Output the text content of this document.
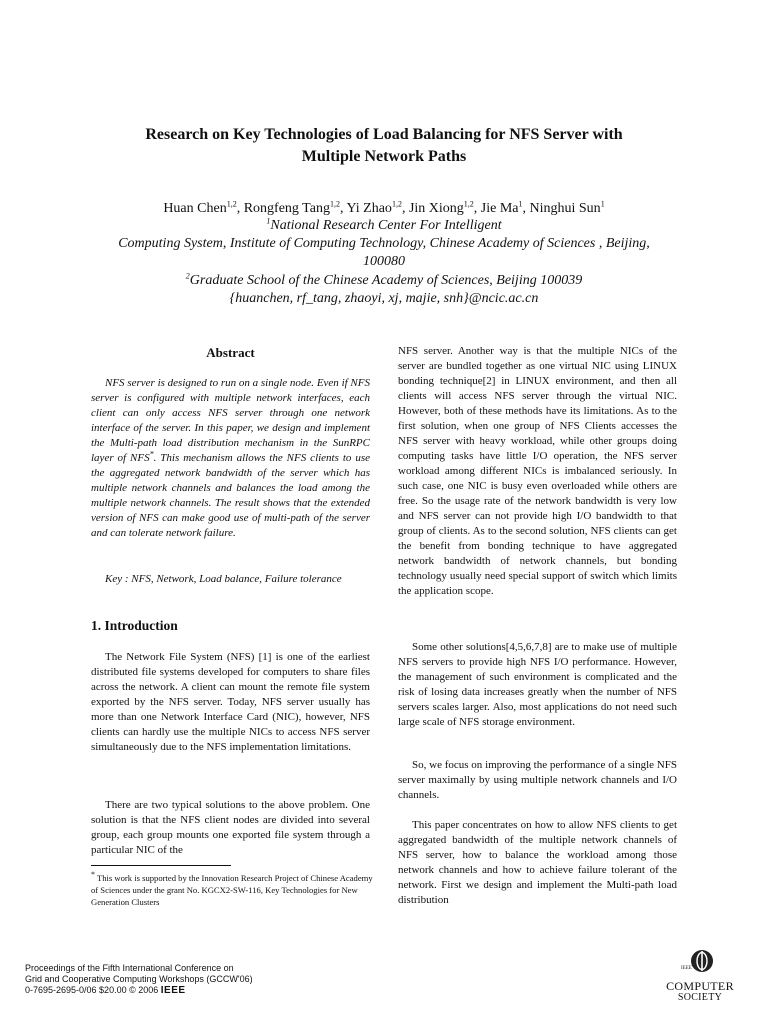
Research on Key Technologies of Load Balancing for NFS Server with
Multiple Network Paths
Huan Chen$^{1,2}$, Rongfeng Tang$^{1,2}$, Yi Zhao$^{1,2}$, Jin Xiong$^{1,2}$, Jie Ma$^1$, Ninghui Sun$^1$
$^1$National Research Center For Intelligent
Computing System, Institute of Computing Technology, Chinese Academy of Sciences , Beijing,
100080
$^2$Graduate School of the Chinese Academy of Sciences, Beijing 100039
{huanchen, rf_tang, zhaoyi, xj, majie, snh}@ncic.ac.cn
Abstract

NFS server is designed to run on a single node. Even if NFS server is configured with multiple network interfaces, each client can only access NFS server through one network interface of the server. In this paper, we design and implement the Multi-path load distribution mechanism in the SunRPC layer of NFS*. This mechanism allows the NFS clients to use the aggregated network bandwidth of the server which has multiple network channels and balances the load among the multiple network channels. The result shows that the extended version of NFS can make good use of multi-path of the server and can tolerate network failure.

Key : NFS, Network, Load balance, Failure tolerance

1. Introduction

The Network File System (NFS) [1] is one of the earliest distributed file systems developed for computers to share files across the network. A client can mount the remote file system exported by the NFS server. Today, NFS server usually has more than one Network Interface Card (NIC), however, NFS clients can hardly use the multiple NICs to access NFS server simultaneously due to the NFS implementation limitations.

There are two typical solutions to the above problem. One solution is that the NFS client nodes are divided into several group, each group mounts one exported file system through a particular NIC of the

* This work is supported by the Innovation Research Project of Chinese Academy of Sciences under the grant No. KGCX2-SW-116, Key Technologies for New Generation Clusters

NFS server. Another way is that the multiple NICs of the server are bundled together as one virtual NIC using LINUX bonding technique[2] in LINUX environment, and then all clients will access NFS server through the virtual NIC. However, both of these methods have its limitations. As to the first solution, when one group of NFS Clients accesses the NFS server with heavy workload, while other groups doing computing tasks have little I/O operation, the NFS server workload among different NICs is imbalanced seriously. In such case, one NIC is busy even overloaded while others are free. So the usage rate of the network bandwidth is very low and NFS server can not provide high I/O bandwidth to that group of clients. As to the second solution, NFS clients can get the benefit from bonding technique to have aggregated network bandwidth of network channels, but bonding technology usually need special support of switch which limits the application scope.

Some other solutions[4,5,6,7,8] are to make use of multiple NFS servers to provide high NFS I/O performance. However, the management of such environment is complicated and the risk of losing data increases greatly when the number of NFS servers scales larger. Also, most applications do not need such large scale of NFS storage environment.

So, we focus on improving the performance of a single NFS server maximally by using multiple network channels and I/O channels.

This paper concentrates on how to allow NFS clients to get aggregated bandwidth of the multiple network channels of NFS server, how to balance the workload among those network channels and how to achieve failure tolerant of the network. First we design and implement the Multi-path load distribution

Proceedings of the Fifth International Conference on
Grid and Cooperative Computing Workshops (GCCW'06)
0-7695-2695-0/06 $20.00 © 2006 IEEE
IEEE
COMPUTER
SOCIETY
